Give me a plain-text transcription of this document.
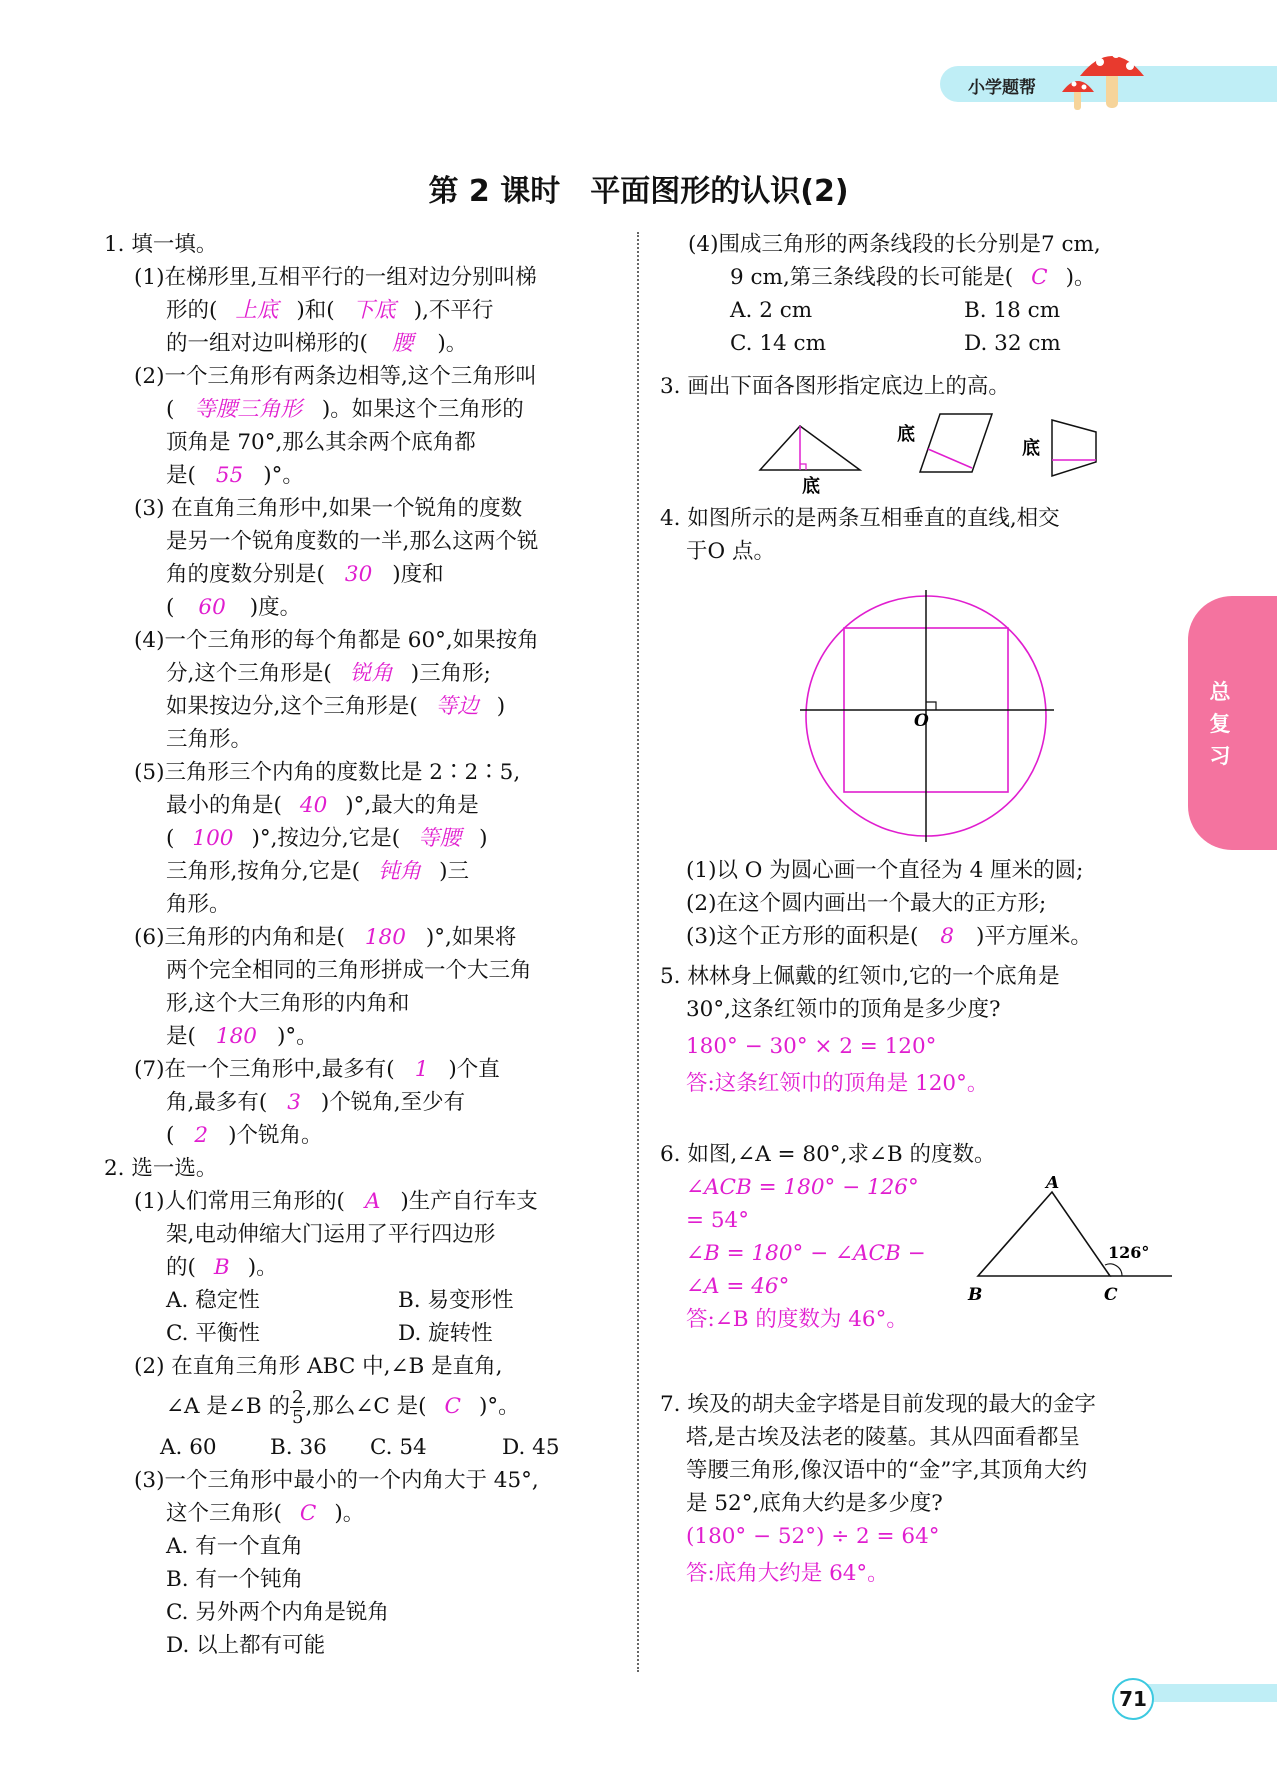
小学题帮
总复习
第 2 课时　平面图形的认识(2)

1. 填一填。

(1)在梯形里,互相平行的一组对边分别叫梯

形的( 上底 )和( 下底 ),不平行

的一组对边叫梯形的( 腰 )。

(2)一个三角形有两条边相等,这个三角形叫

( 等腰三角形 )。如果这个三角形的

顶角是 70°,那么其余两个底角都

是( 55 )°。

(3) 在直角三角形中,如果一个锐角的度数

是另一个锐角度数的一半,那么这两个锐

角的度数分别是( 30 )度和

( 60 )度。

(4)一个三角形的每个角都是 60°,如果按角

分,这个三角形是( 锐角 )三角形;

如果按边分,这个三角形是( 等边 )

三角形。

(5)三角形三个内角的度数比是 2∶2∶5,

最小的角是( 40 )°,最大的角是

( 100 )°,按边分,它是( 等腰 )

三角形,按角分,它是( 钝角 )三

角形。

(6)三角形的内角和是( 180 )°,如果将

两个完全相同的三角形拼成一个大三角

形,这个大三角形的内角和

是( 180 )°。

(7)在一个三角形中,最多有( 1 )个直

角,最多有( 3 )个锐角,至少有

( 2 )个锐角。

2. 选一选。

(1)人们常用三角形的( A )生产自行车支

架,电动伸缩大门运用了平行四边形

的( B )。

A. 稳定性	B. 易变形性
C. 平衡性	D. 旋转性

(2) 在直角三角形 ABC 中,∠B 是直角,

∠A 是∠B 的 $\frac{2}{5}$ ,那么∠C 是( C )°。

A. 60	B. 36	C. 54	D. 45

(3)一个三角形中最小的一个内角大于 45°,

这个三角形( C )。

A. 有一个直角

B. 有一个钝角

C. 另外两个内角是锐角

D. 以上都有可能

(4)围成三角形的两条线段的长分别是7 cm,

9 cm,第三条线段的长可能是( C )。

A. 2 cm	B. 18 cm
C. 14 cm	D. 32 cm
3. 画出下面各图形指定底边上的高。
底
底
底

4. 如图所示的是两条互相垂直的直线,相交

于O 点。

O

(1)以 O 为圆心画一个直径为 4 厘米的圆;

(2)在这个圆内画出一个最大的正方形;

(3)这个正方形的面积是( 8 )平方厘米。

5. 林林身上佩戴的红领巾,它的一个底角是

30°,这条红领巾的顶角是多少度?

180° − 30° × 2 = 120°

答:这条红领巾的顶角是 120°。

6. 如图,∠A = 80°,求∠B 的度数。

∠ACB = 180° − 126°

= 54°

∠B = 180° − ∠ACB −

∠A = 46°

答:∠B 的度数为 46°。

A
B	C
126°

7. 埃及的胡夫金字塔是目前发现的最大的金字

塔,是古埃及法老的陵墓。其从四面看都呈

等腰三角形,像汉语中的“金”字,其顶角大约

是 52°,底角大约是多少度?

(180° − 52°) ÷ 2 = 64°

答:底角大约是 64°。

71
